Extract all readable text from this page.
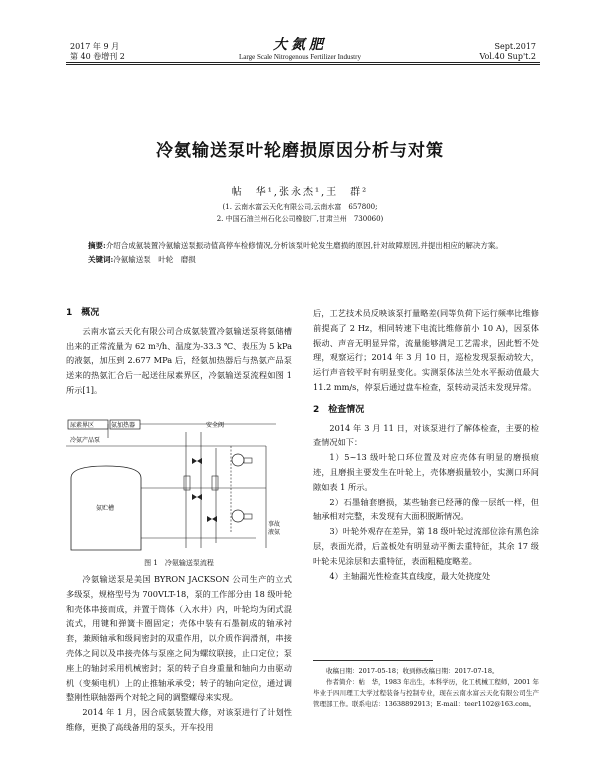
2017 年 9 月
第 40 卷增刊 2
大氮肥
Large Scale Nitrogenous Fertilizer Industry
Sept.2017
Vol.40 Sup't.2
冷氨输送泵叶轮磨损原因分析与对策
帖　华¹,张永杰¹,王　群²
(1. 云南水富云天化有限公司,云南水富　657800;
2. 中国石油兰州石化公司橡胶厂,甘肃兰州　730060)

摘要:介绍合成氨装置冷氨输送泵振动值高停车检修情况,分析该泵叶轮发生磨损的原因,针对故障原因,并提出相应的解决方案。

关键词:冷氨输送泵　叶轮　磨损

1　概况

云南水富云天化有限公司合成氨装置冷氨输送泵将氨储槽出来的正常流量为 62 m³/h、温度为-33.3 ℃、表压为 5 kPa 的液氨，加压到 2.677 MPa 后，经氨加热器后与热氨产品泵送来的热氨汇合后一起送往尿素界区，冷氨输送泵流程如图 1 所示[1]。

尿素界区	氨加热器
冷氨产品泵
安全阀
氨贮槽
事故
液氨
图 1　冷氨输送泵流程

冷氨输送泵是美国 BYRON JACKSON 公司生产的立式多级泵，规格型号为 700VLT-18，泵的工作部分由 18 级叶轮和壳体串接而成，并置于筒体（入水井）内，叶轮均为闭式混流式，用键和弹簧卡圈固定；壳体中装有石墨制成的轴承衬套，兼顾轴承和级间密封的双重作用，以介质作润滑剂，串接壳体之间以及串接壳体与泵座之间为螺纹联接，止口定位；泵座上的轴封采用机械密封；泵的转子自身重量和轴向力由驱动机（变频电机）上的止推轴承承受；转子的轴向定位，通过调整刚性联轴器两个对轮之间的调整螺母来实现。

2014 年 1 月，因合成氨装置大修，对该泵进行了计划性维修，更换了高线备用的泵头，开车投用

后，工艺技术员反映该泵打量略差(同等负荷下运行频率比维修前提高了 2 Hz，相同转速下电流比维修前小 10 A)，因泵体振动、声音无明显异常，流量能够满足工艺需求，因此暂不处理，观察运行；2014 年 3 月 10 日，巡检发现泵振动较大，运行声音较平时有明显变化。实测泵体法兰处水平振动值最大 11.2 mm/s，停泵后通过盘车检查，泵转动灵活未发现异常。

2　检查情况

2014 年 3 月 11 日，对该泵进行了解体检查，主要的检查情况如下：

1）5~13 级叶轮口环位置及对应壳体有明显的磨损痕迹，且磨损主要发生在叶轮上，壳体磨损量较小，实测口环间隙如表 1 所示。

2）石墨轴套磨损，某些轴套已经薄的像一层纸一样，但轴承相对完整，未发现有大面积脱断情况。

3）叶轮外观存在差异，第 18 级叶轮过流部位涂有黑色涂层，表面光滑，后盖板处有明显动平衡去重特征，其余 17 级叶轮未见涂层和去重特征，表面粗糙度略差。

4）主轴漏光性检查其直线度，最大处挠度处

收稿日期：2017-05-18；收到修改稿日期：2017-07-18。

作者简介：帖　华，1983 年出生，本科学历，化工机械工程师，2001 年毕业于四川理工大学过程装备与控制专业，现在云南水富云天化有限公司生产管理部工作。联系电话：13638892913；E-mail：teer1102@163.com。
